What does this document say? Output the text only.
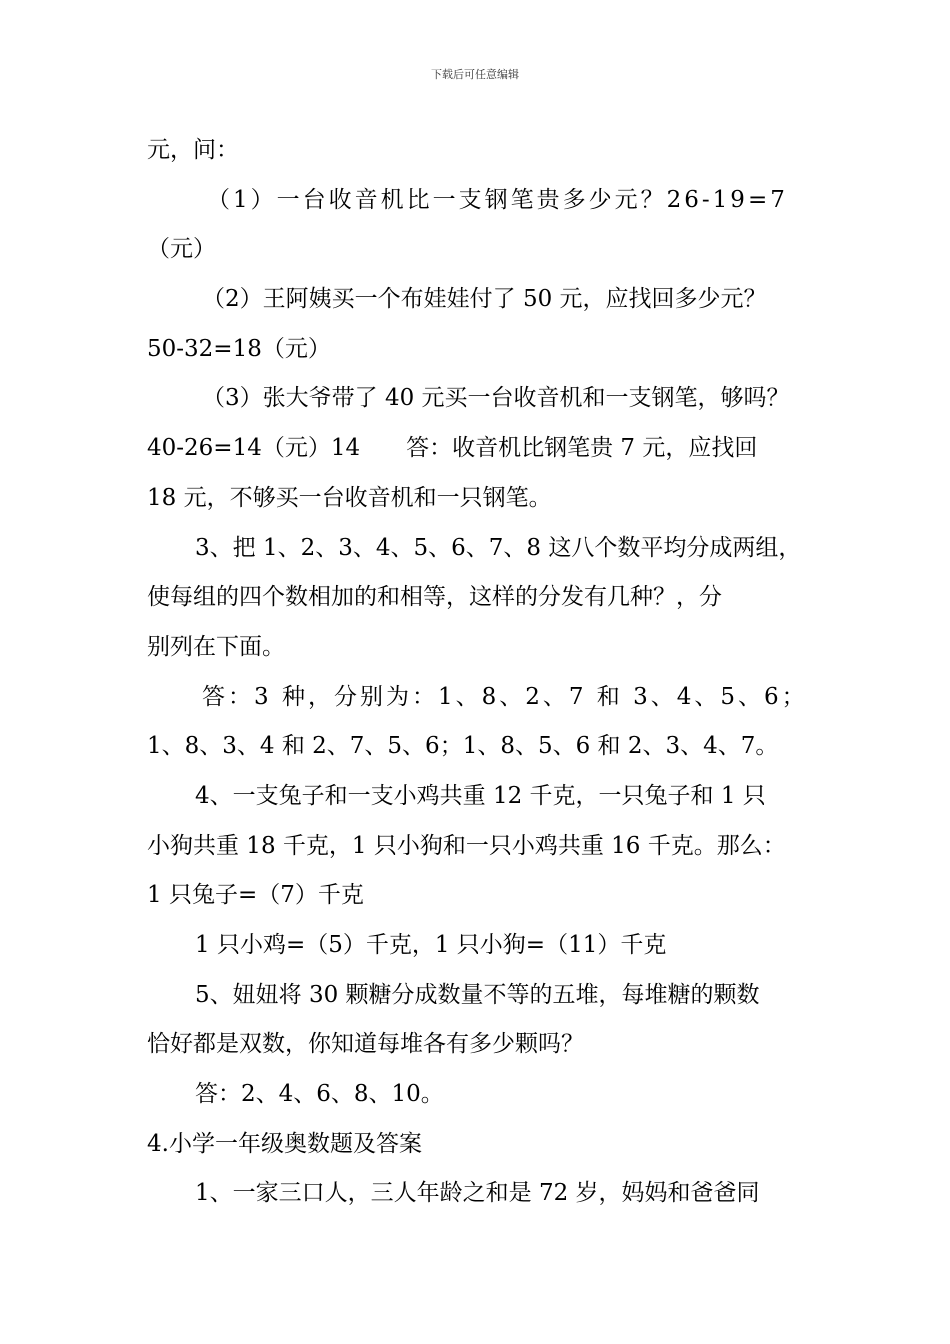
下载后可任意编辑
元，问：
（1）一台收音机比一支钢笔贵多少元？26-19=7
（元）
（2）王阿姨买一个布娃娃付了 50 元，应找回多少元？
50-32=18（元）
（3）张大爷带了 40 元买一台收音机和一支钢笔，够吗？
40-26=14（元）14　　答：收音机比钢笔贵 7 元，应找回
18 元，不够买一台收音机和一只钢笔。
3、把 1、2、3、4、5、6、7、8 这八个数平均分成两组，
使每组的四个数相加的和相等，这样的分发有几种？，分
别列在下面。
答：3 种，分别为：1、8、2、7 和 3、4、5、6；
1、8、3、4 和 2、7、5、6；1、8、5、6 和 2、3、4、7。
4、一支兔子和一支小鸡共重 12 千克，一只兔子和 1 只
小狗共重 18 千克，1 只小狗和一只小鸡共重 16 千克。那么：
1 只兔子=（7）千克
1 只小鸡=（5）千克，1 只小狗=（11）千克
5、妞妞将 30 颗糖分成数量不等的五堆，每堆糖的颗数
恰好都是双数，你知道每堆各有多少颗吗？
答：2、4、6、8、10。
4.小学一年级奥数题及答案
1、一家三口人，三人年龄之和是 72 岁，妈妈和爸爸同
